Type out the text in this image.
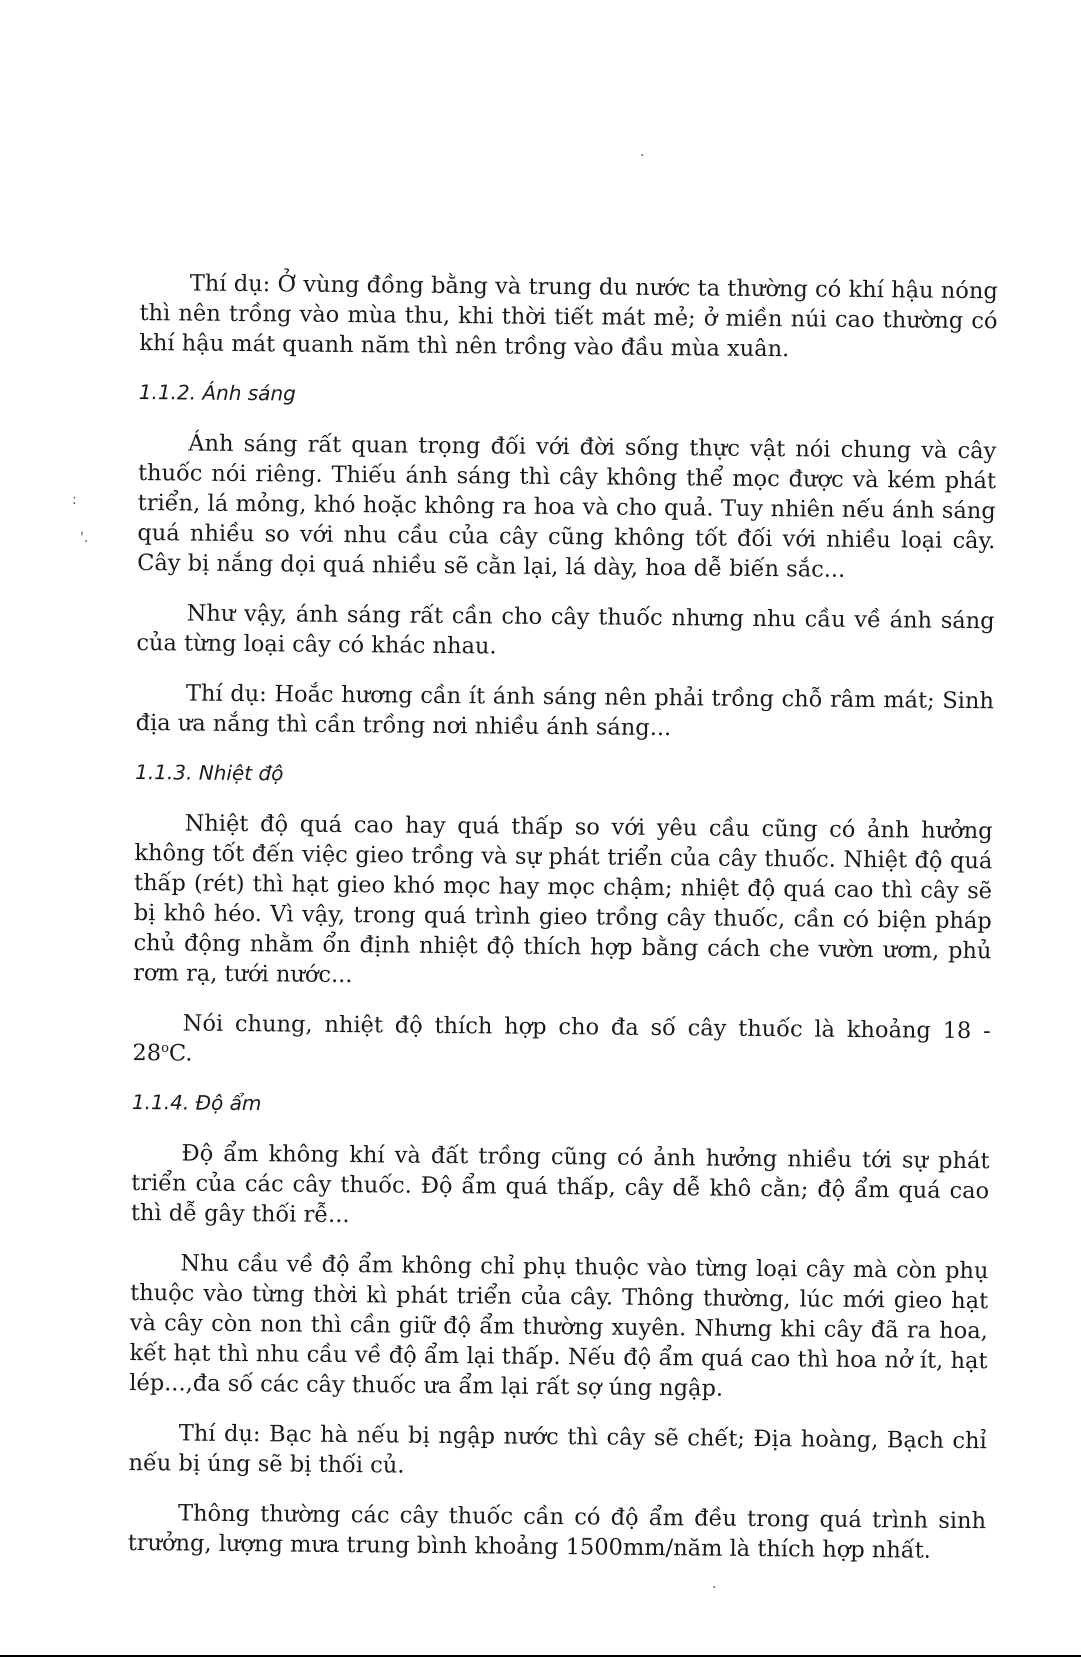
:
'.
·
·

Thí dụ: Ở vùng đồng bằng và trung du nước ta thường có khí hậu nóng thì nên trồng vào mùa thu, khi thời tiết mát mẻ; ở miền núi cao thường có khí hậu mát quanh năm thì nên trồng vào đầu mùa xuân.

1.1.2. Ánh sáng

Ánh sáng rất quan trọng đối với đời sống thực vật nói chung và cây thuốc nói riêng. Thiếu ánh sáng thì cây không thể mọc được và kém phát triển, lá mỏng, khó hoặc không ra hoa và cho quả. Tuy nhiên nếu ánh sáng quá nhiều so với nhu cầu của cây cũng không tốt đối với nhiều loại cây. Cây bị nắng dọi quá nhiều sẽ cằn lại, lá dày, hoa dễ biến sắc...

Như vậy, ánh sáng rất cần cho cây thuốc nhưng nhu cầu về ánh sáng của từng loại cây có khác nhau.

Thí dụ: Hoắc hương cần ít ánh sáng nên phải trồng chỗ râm mát; Sinh địa ưa nắng thì cần trồng nơi nhiều ánh sáng...

1.1.3. Nhiệt độ

Nhiệt độ quá cao hay quá thấp so với yêu cầu cũng có ảnh hưởng không tốt đến việc gieo trồng và sự phát triển của cây thuốc. Nhiệt độ quá thấp (rét) thì hạt gieo khó mọc hay mọc chậm; nhiệt độ quá cao thì cây sẽ bị khô héo. Vì vậy, trong quá trình gieo trồng cây thuốc, cần có biện pháp chủ động nhằm ổn định nhiệt độ thích hợp bằng cách che vườn ươm, phủ rơm rạ, tưới nước...

Nói chung, nhiệt độ thích hợp cho đa số cây thuốc là khoảng 18 - 28$^o$C.

1.1.4. Độ ẩm

Độ ẩm không khí và đất trồng cũng có ảnh hưởng nhiều tới sự phát triển của các cây thuốc. Độ ẩm quá thấp, cây dễ khô cằn; độ ẩm quá cao thì dễ gây thối rễ...

Nhu cầu về độ ẩm không chỉ phụ thuộc vào từng loại cây mà còn phụ thuộc vào từng thời kì phát triển của cây. Thông thường, lúc mới gieo hạt và cây còn non thì cần giữ độ ẩm thường xuyên. Nhưng khi cây đã ra hoa, kết hạt thì nhu cầu về độ ẩm lại thấp. Nếu độ ẩm quá cao thì hoa nở ít, hạt lép...,đa số các cây thuốc ưa ẩm lại rất sợ úng ngập.

Thí dụ: Bạc hà nếu bị ngập nước thì cây sẽ chết; Địa hoàng, Bạch chỉ nếu bị úng sẽ bị thối củ.

Thông thường các cây thuốc cần có độ ẩm đều trong quá trình sinh trưởng, lượng mưa trung bình khoảng 1500mm/năm là thích hợp nhất.
